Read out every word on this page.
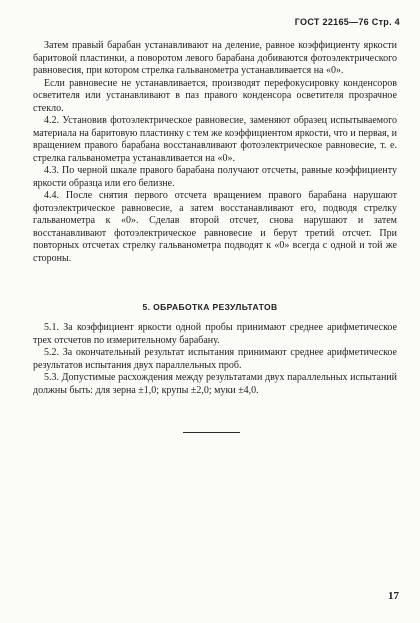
ГОСТ 22165—76 Стр. 4

Затем правый барабан устанавливают на деление, равное коэффициенту яркости баритовой пластинки, а поворотом левого барабана добиваются фотоэлектрического равновесия, при котором стрелка гальванометра устанавливается на «0».

Если равновесие не устанавливается, производят перефокусировку конденсоров осветителя или устанавливают в паз правого конденсора осветителя прозрачное стекло.

4.2. Установив фотоэлектрическое равновесие, заменяют образец испытываемого материала на баритовую пластинку с тем же коэффициентом яркости, что и первая, и вращением правого барабана восстанавливают фотоэлектрическое равновесие, т. е. стрелка гальванометра устанавливается на «0».

4.3. По черной шкале правого барабана получают отсчеты, равные коэффициенту яркости образца или его белизне.

4.4. После снятия первого отсчета вращением правого барабана нарушают фотоэлектрическое равновесие, а затем восстанавливают его, подводя стрелку гальванометра к «0». Сделав второй отсчет, снова нарушают и затем восстанавливают фотоэлектрическое равновесие и берут третий отсчет. При повторных отсчетах стрелку гальванометра подводят к «0» всегда с одной и той же стороны.

5. ОБРАБОТКА РЕЗУЛЬТАТОВ

5.1. За коэффициент яркости одной пробы принимают среднее арифметическое трех отсчетов по измерительному барабану.

5.2. За окончательный результат испытания принимают среднее арифметическое результатов испытания двух параллельных проб.

5.3. Допустимые расхождения между результатами двух параллельных испытаний должны быть: для зерна ±1,0; крупы ±2,0; муки ±4,0.

17
